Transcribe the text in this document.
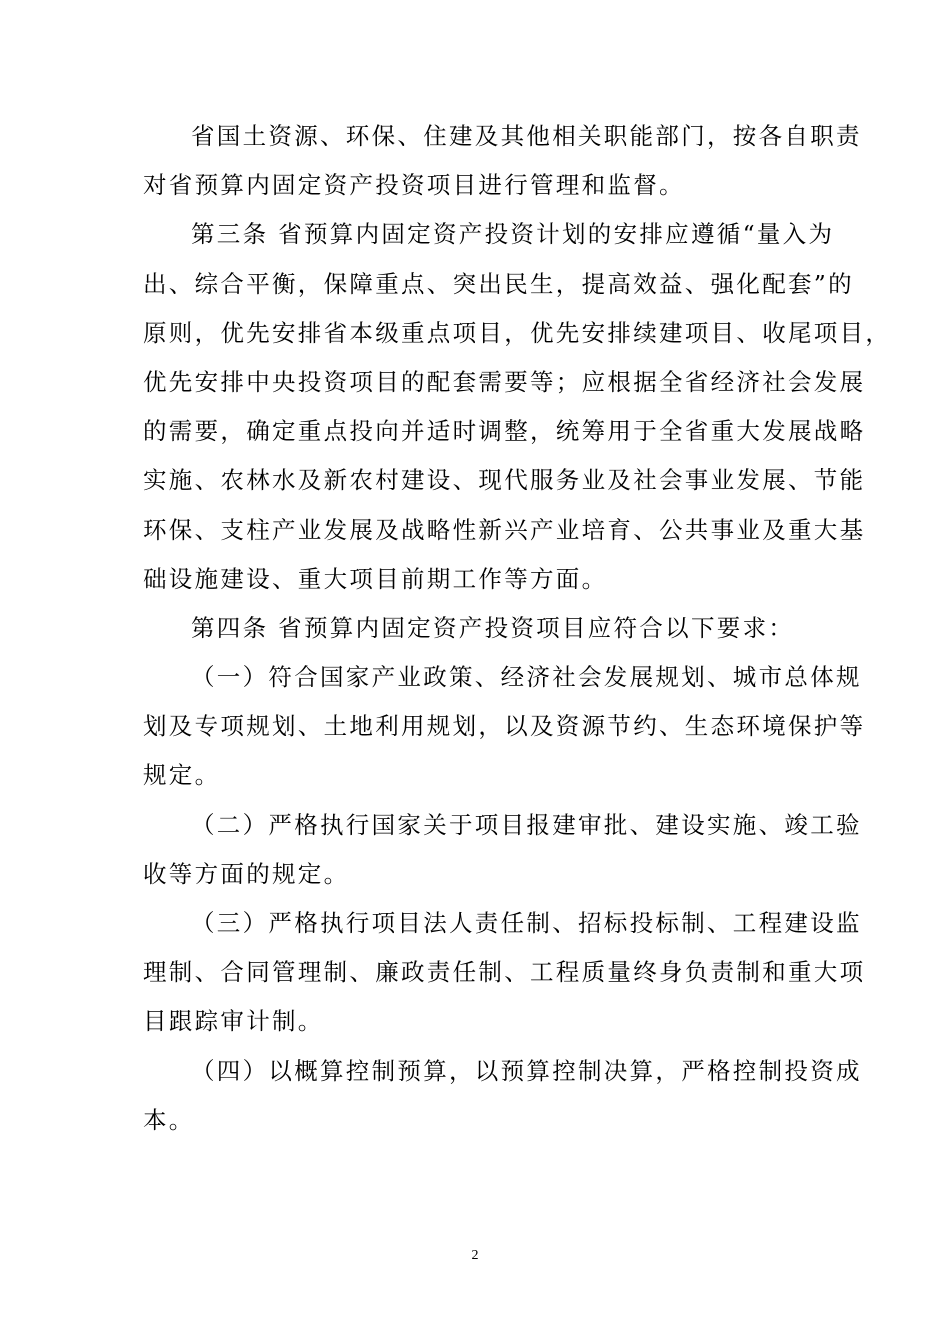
省国土资源、环保、住建及其他相关职能部门，按各自职责
对省预算内固定资产投资项目进行管理和监督。
第三条 省预算内固定资产投资计划的安排应遵循“量入为
出、综合平衡，保障重点、突出民生，提高效益、强化配套”的
原则，优先安排省本级重点项目，优先安排续建项目、收尾项目，
优先安排中央投资项目的配套需要等；应根据全省经济社会发展
的需要，确定重点投向并适时调整，统筹用于全省重大发展战略
实施、农林水及新农村建设、现代服务业及社会事业发展、节能
环保、支柱产业发展及战略性新兴产业培育、公共事业及重大基
础设施建设、重大项目前期工作等方面。
第四条 省预算内固定资产投资项目应符合以下要求：
（一）符合国家产业政策、经济社会发展规划、城市总体规
划及专项规划、土地利用规划，以及资源节约、生态环境保护等
规定。
（二）严格执行国家关于项目报建审批、建设实施、竣工验
收等方面的规定。
（三）严格执行项目法人责任制、招标投标制、工程建设监
理制、合同管理制、廉政责任制、工程质量终身负责制和重大项
目跟踪审计制。
（四）以概算控制预算，以预算控制决算，严格控制投资成
本。
2
